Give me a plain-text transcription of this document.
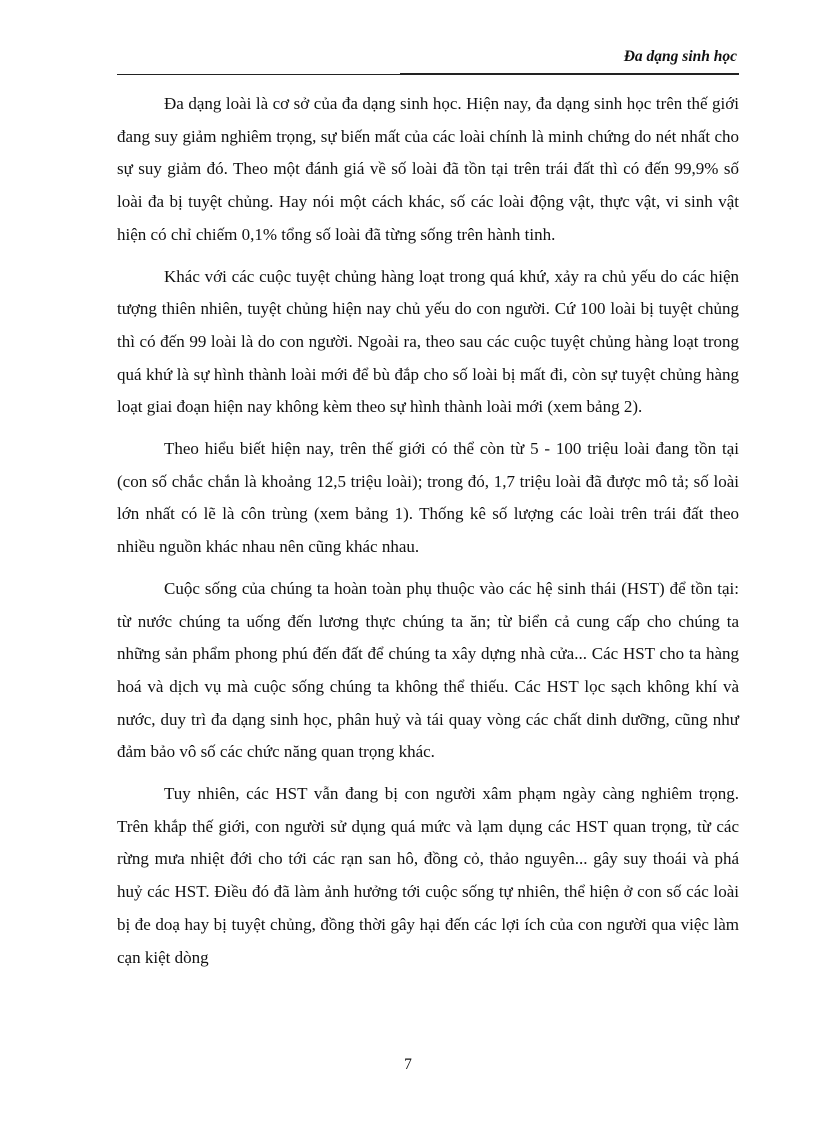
Đa dạng sinh học

Đa dạng loài là cơ sở của đa dạng sinh học. Hiện nay, đa dạng sinh học trên thế giới đang suy giảm nghiêm trọng, sự biến mất của các loài chính là minh chứng do nét nhất cho sự suy giảm đó. Theo một đánh giá về số loài đã tồn tại trên trái đất thì có đến 99,9% số loài đa bị tuyệt chủng. Hay nói một cách khác, số các loài động vật, thực vật, vi sinh vật hiện có chỉ chiếm 0,1% tổng số loài đã từng sống trên hành tinh.

Khác với các cuộc tuyệt chủng hàng loạt trong quá khứ, xảy ra chủ yếu do các hiện tượng thiên nhiên, tuyệt chủng hiện nay chủ yếu do con người. Cứ 100 loài bị tuyệt chủng thì có đến 99 loài là do con người. Ngoài ra, theo sau các cuộc tuyệt chủng hàng loạt trong quá khứ là sự hình thành loài mới để bù đắp cho số loài bị mất đi, còn sự tuyệt chủng hàng loạt giai đoạn hiện nay không kèm theo sự hình thành loài mới (xem bảng 2).

Theo hiểu biết hiện nay, trên thế giới có thể còn từ 5 - 100 triệu loài đang tồn tại (con số chắc chắn là khoảng 12,5 triệu loài); trong đó, 1,7 triệu loài đã được mô tả; số loài lớn nhất có lẽ là côn trùng (xem bảng 1). Thống kê số lượng các loài trên trái đất theo nhiều nguồn khác nhau nên cũng khác nhau.

Cuộc sống của chúng ta hoàn toàn phụ thuộc vào các hệ sinh thái (HST) để tồn tại: từ nước chúng ta uống đến lương thực chúng ta ăn; từ biển cả cung cấp cho chúng ta những sản phẩm phong phú đến đất để chúng ta xây dựng nhà cửa... Các HST cho ta hàng hoá và dịch vụ mà cuộc sống chúng ta không thể thiếu. Các HST lọc sạch không khí và nước, duy trì đa dạng sinh học, phân huỷ và tái quay vòng các chất dinh dưỡng, cũng như đảm bảo vô số các chức năng quan trọng khác.

Tuy nhiên, các HST vẫn đang bị con người xâm phạm ngày càng nghiêm trọng. Trên khắp thế giới, con người sử dụng quá mức và lạm dụng các HST quan trọng, từ các rừng mưa nhiệt đới cho tới các rạn san hô, đồng cỏ, thảo nguyên... gây suy thoái và phá huỷ các HST. Điều đó đã làm ảnh hưởng tới cuộc sống tự nhiên, thể hiện ở con số các loài bị đe doạ hay bị tuyệt chủng, đồng thời gây hại đến các lợi ích của con người qua việc làm cạn kiệt dòng

7
